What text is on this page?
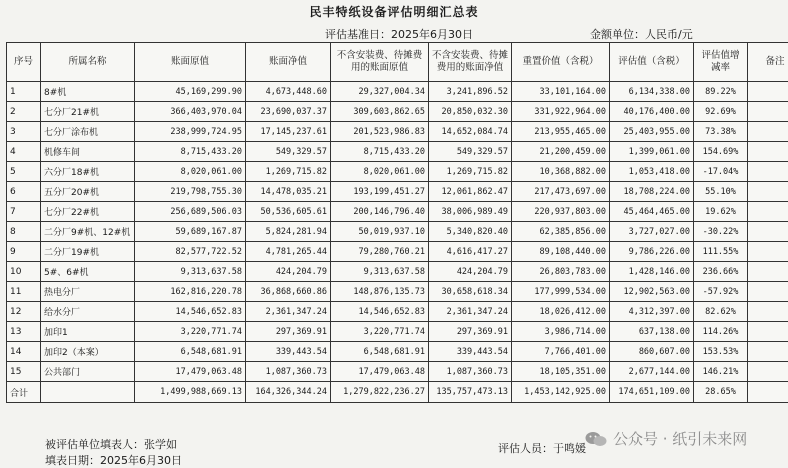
民丰特纸设备评估明细汇总表
评估基准日：2025年6月30日	金额单位：人民币/元
序号	所属名称	账面原值	账面净值	不含安装费、待摊费用的账面原值	不含安装费、待摊费用的账面净值	重置价值（含税）	评估值（含税）	评估值增减率	备注
1	8#机	45,169,299.90	4,673,448.60	29,327,004.34	3,241,896.52	33,101,164.00	6,134,338.00	89.22%	
2	七分厂21#机	366,403,970.04	23,690,037.37	309,603,862.65	20,850,032.30	331,922,964.00	40,176,400.00	92.69%	
3	七分厂涂布机	238,999,724.95	17,145,237.61	201,523,986.83	14,652,084.74	213,955,465.00	25,403,955.00	73.38%	
4	机修车间	8,715,433.20	549,329.57	8,715,433.20	549,329.57	21,200,459.00	1,399,061.00	154.69%	
5	六分厂18#机	8,020,061.00	1,269,715.82	8,020,061.00	1,269,715.82	10,368,882.00	1,053,418.00	-17.04%	
6	五分厂20#机	219,798,755.30	14,478,035.21	193,199,451.27	12,061,862.47	217,473,697.00	18,708,224.00	55.10%	
7	七分厂22#机	256,689,506.03	50,536,605.61	200,146,796.40	38,006,989.49	220,937,803.00	45,464,465.00	19.62%	
8	二分厂9#机、12#机	59,689,167.87	5,824,281.94	50,019,937.10	5,340,820.40	62,385,856.00	3,727,027.00	-30.22%	
9	二分厂19#机	82,577,722.52	4,781,265.44	79,280,760.21	4,616,417.27	89,108,440.00	9,786,226.00	111.55%	
10	5#、6#机	9,313,637.58	424,204.79	9,313,637.58	424,204.79	26,803,783.00	1,428,146.00	236.66%	
11	热电分厂	162,816,220.78	36,868,660.86	148,876,135.73	30,658,618.34	177,999,534.00	12,902,563.00	-57.92%	
12	给水分厂	14,546,652.83	2,361,347.24	14,546,652.83	2,361,347.24	18,026,412.00	4,312,397.00	82.62%	
13	加印1	3,220,771.74	297,369.91	3,220,771.74	297,369.91	3,986,714.00	637,138.00	114.26%	
14	加印2（本案）	6,548,681.91	339,443.54	6,548,681.91	339,443.54	7,766,401.00	860,607.00	153.53%	
15	公共部门	17,479,063.48	1,087,360.73	17,479,063.48	1,087,360.73	18,105,351.00	2,677,144.00	146.21%	
合计		1,499,988,669.13	164,326,344.24	1,279,822,236.27	135,757,473.13	1,453,142,925.00	174,651,109.00	28.65%	
被评估单位填表人：张学如
填表日期：2025年6月30日
评估人员：于鸣媛
公众号 · 纸引未来网
